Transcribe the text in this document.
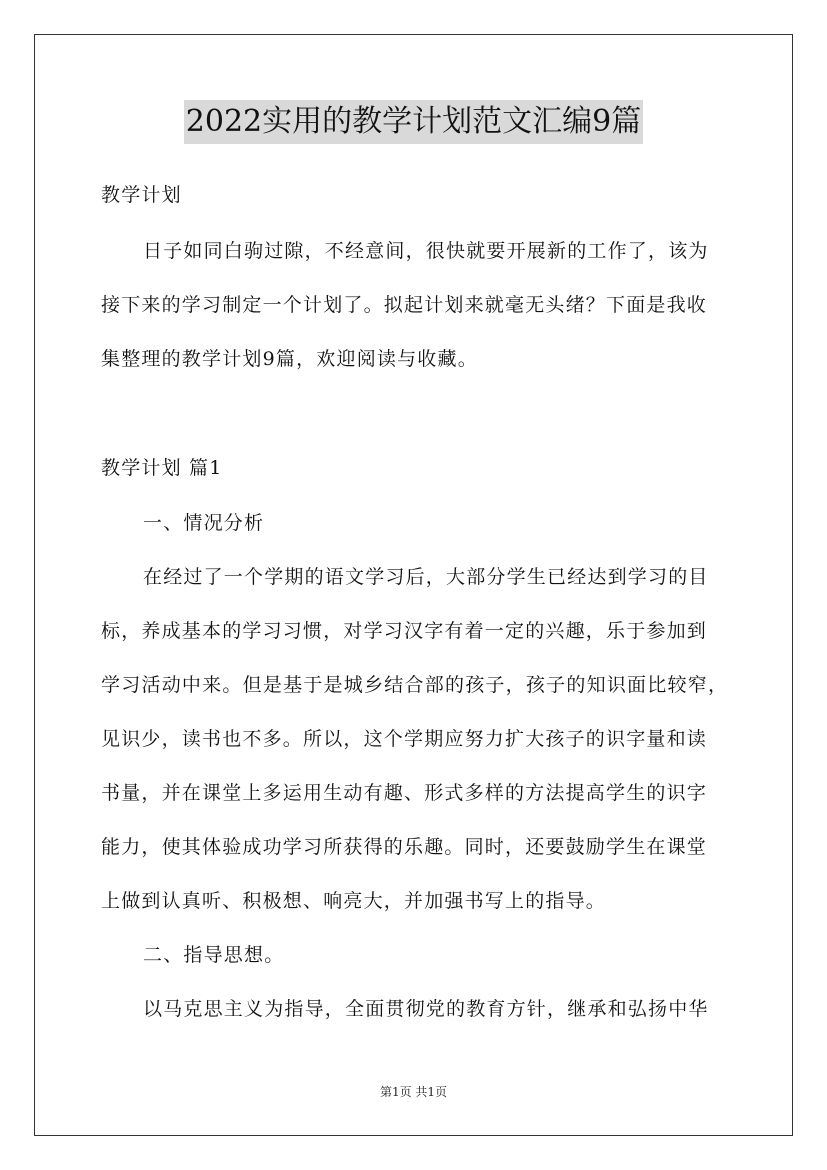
2022实用的教学计划范文汇编9篇
教学计划
日子如同白驹过隙，不经意间，很快就要开展新的工作了，该为
接下来的学习制定一个计划了。拟起计划来就毫无头绪？下面是我收
集整理的教学计划9篇，欢迎阅读与收藏。
教学计划 篇1
一、情况分析
在经过了一个学期的语文学习后，大部分学生已经达到学习的目
标，养成基本的学习习惯，对学习汉字有着一定的兴趣，乐于参加到
学习活动中来。但是基于是城乡结合部的孩子，孩子的知识面比较窄，
见识少，读书也不多。所以，这个学期应努力扩大孩子的识字量和读
书量，并在课堂上多运用生动有趣、形式多样的方法提高学生的识字
能力，使其体验成功学习所获得的乐趣。同时，还要鼓励学生在课堂
上做到认真听、积极想、响亮大，并加强书写上的指导。
二、指导思想。
以马克思主义为指导，全面贯彻党的教育方针，继承和弘扬中华
第1页 共1页
